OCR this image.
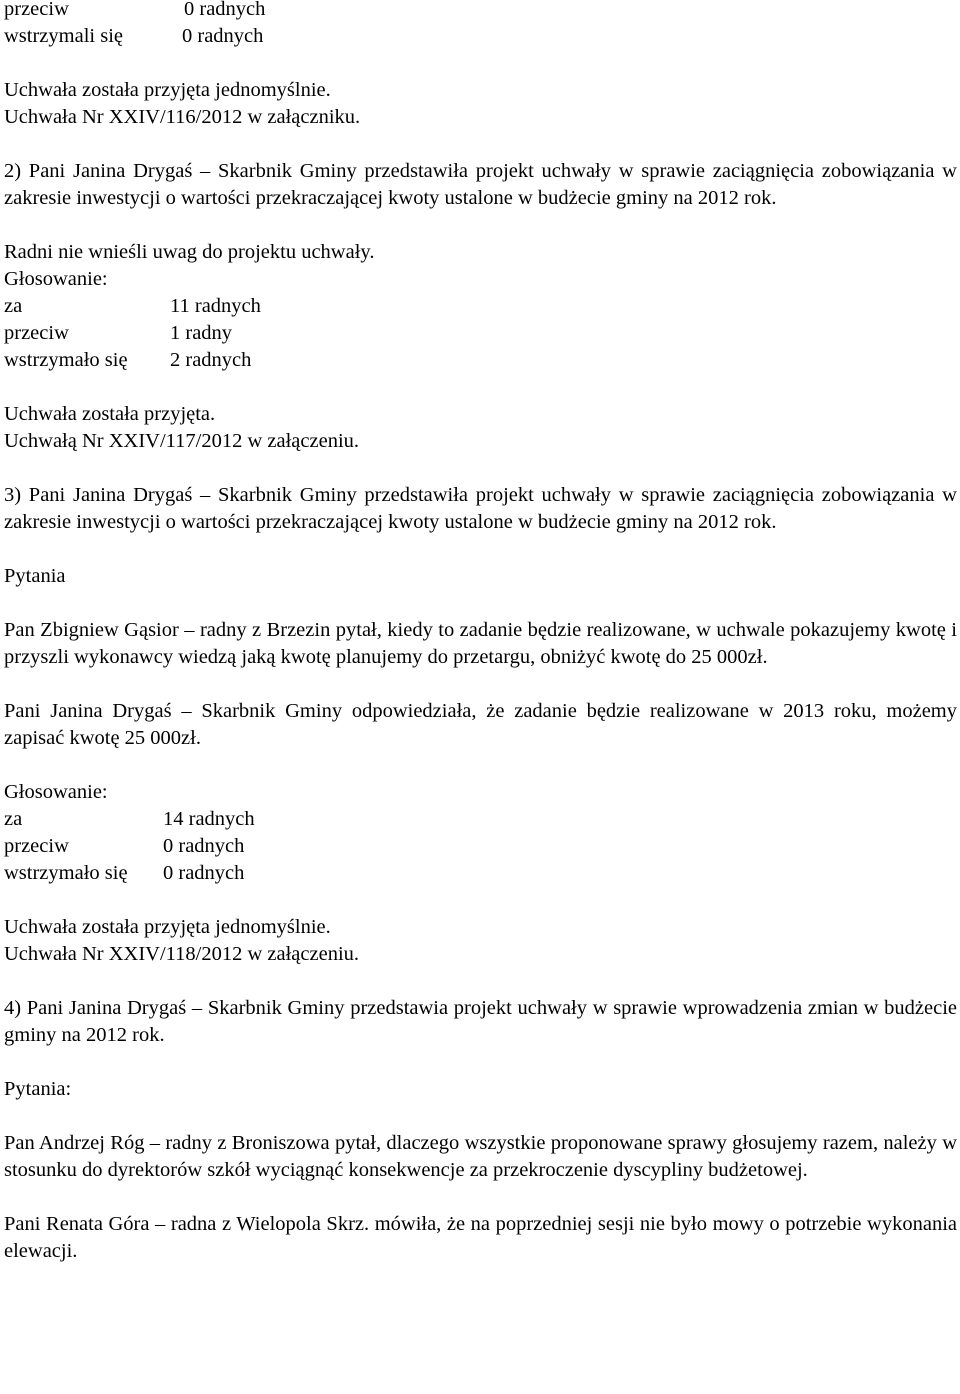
przeciw	0 radnych
wstrzymali się	0 radnych

Uchwała została przyjęta jednomyślnie.

Uchwała Nr XXIV/116/2012 w załączniku.

2) Pani Janina Drygaś – Skarbnik Gminy przedstawiła projekt uchwały w sprawie zaciągnięcia zobowiązania w zakresie inwestycji o wartości przekraczającej kwoty ustalone w budżecie gminy na 2012 rok.

Radni nie wnieśli uwag do projektu uchwały.

Głosowanie:

za	11 radnych
przeciw	1 radny
wstrzymało się	2 radnych

Uchwała została przyjęta.

Uchwałą Nr XXIV/117/2012 w załączeniu.

3) Pani Janina Drygaś – Skarbnik Gminy przedstawiła projekt uchwały w sprawie zaciągnięcia zobowiązania w zakresie inwestycji o wartości przekraczającej kwoty ustalone w budżecie gminy na 2012 rok.

Pytania

Pan Zbigniew Gąsior – radny z Brzezin pytał, kiedy to zadanie będzie realizowane, w uchwale pokazujemy kwotę i przyszli wykonawcy wiedzą jaką kwotę planujemy do przetargu, obniżyć kwotę do 25 000zł.

Pani Janina Drygaś – Skarbnik Gminy odpowiedziała, że zadanie będzie realizowane w 2013 roku, możemy zapisać kwotę 25 000zł.

Głosowanie:

za	14 radnych
przeciw	0 radnych
wstrzymało się	0 radnych

Uchwała została przyjęta jednomyślnie.

Uchwała Nr XXIV/118/2012 w załączeniu.

4) Pani Janina Drygaś – Skarbnik Gminy przedstawia projekt uchwały w sprawie wprowadzenia zmian w budżecie gminy na 2012 rok.

Pytania:

Pan Andrzej Róg – radny z Broniszowa pytał, dlaczego wszystkie proponowane sprawy głosujemy razem, należy w stosunku do dyrektorów szkół wyciągnąć konsekwencje za przekroczenie dyscypliny budżetowej.

Pani Renata Góra – radna z Wielopola Skrz. mówiła, że na poprzedniej sesji nie było mowy o potrzebie wykonania elewacji.
